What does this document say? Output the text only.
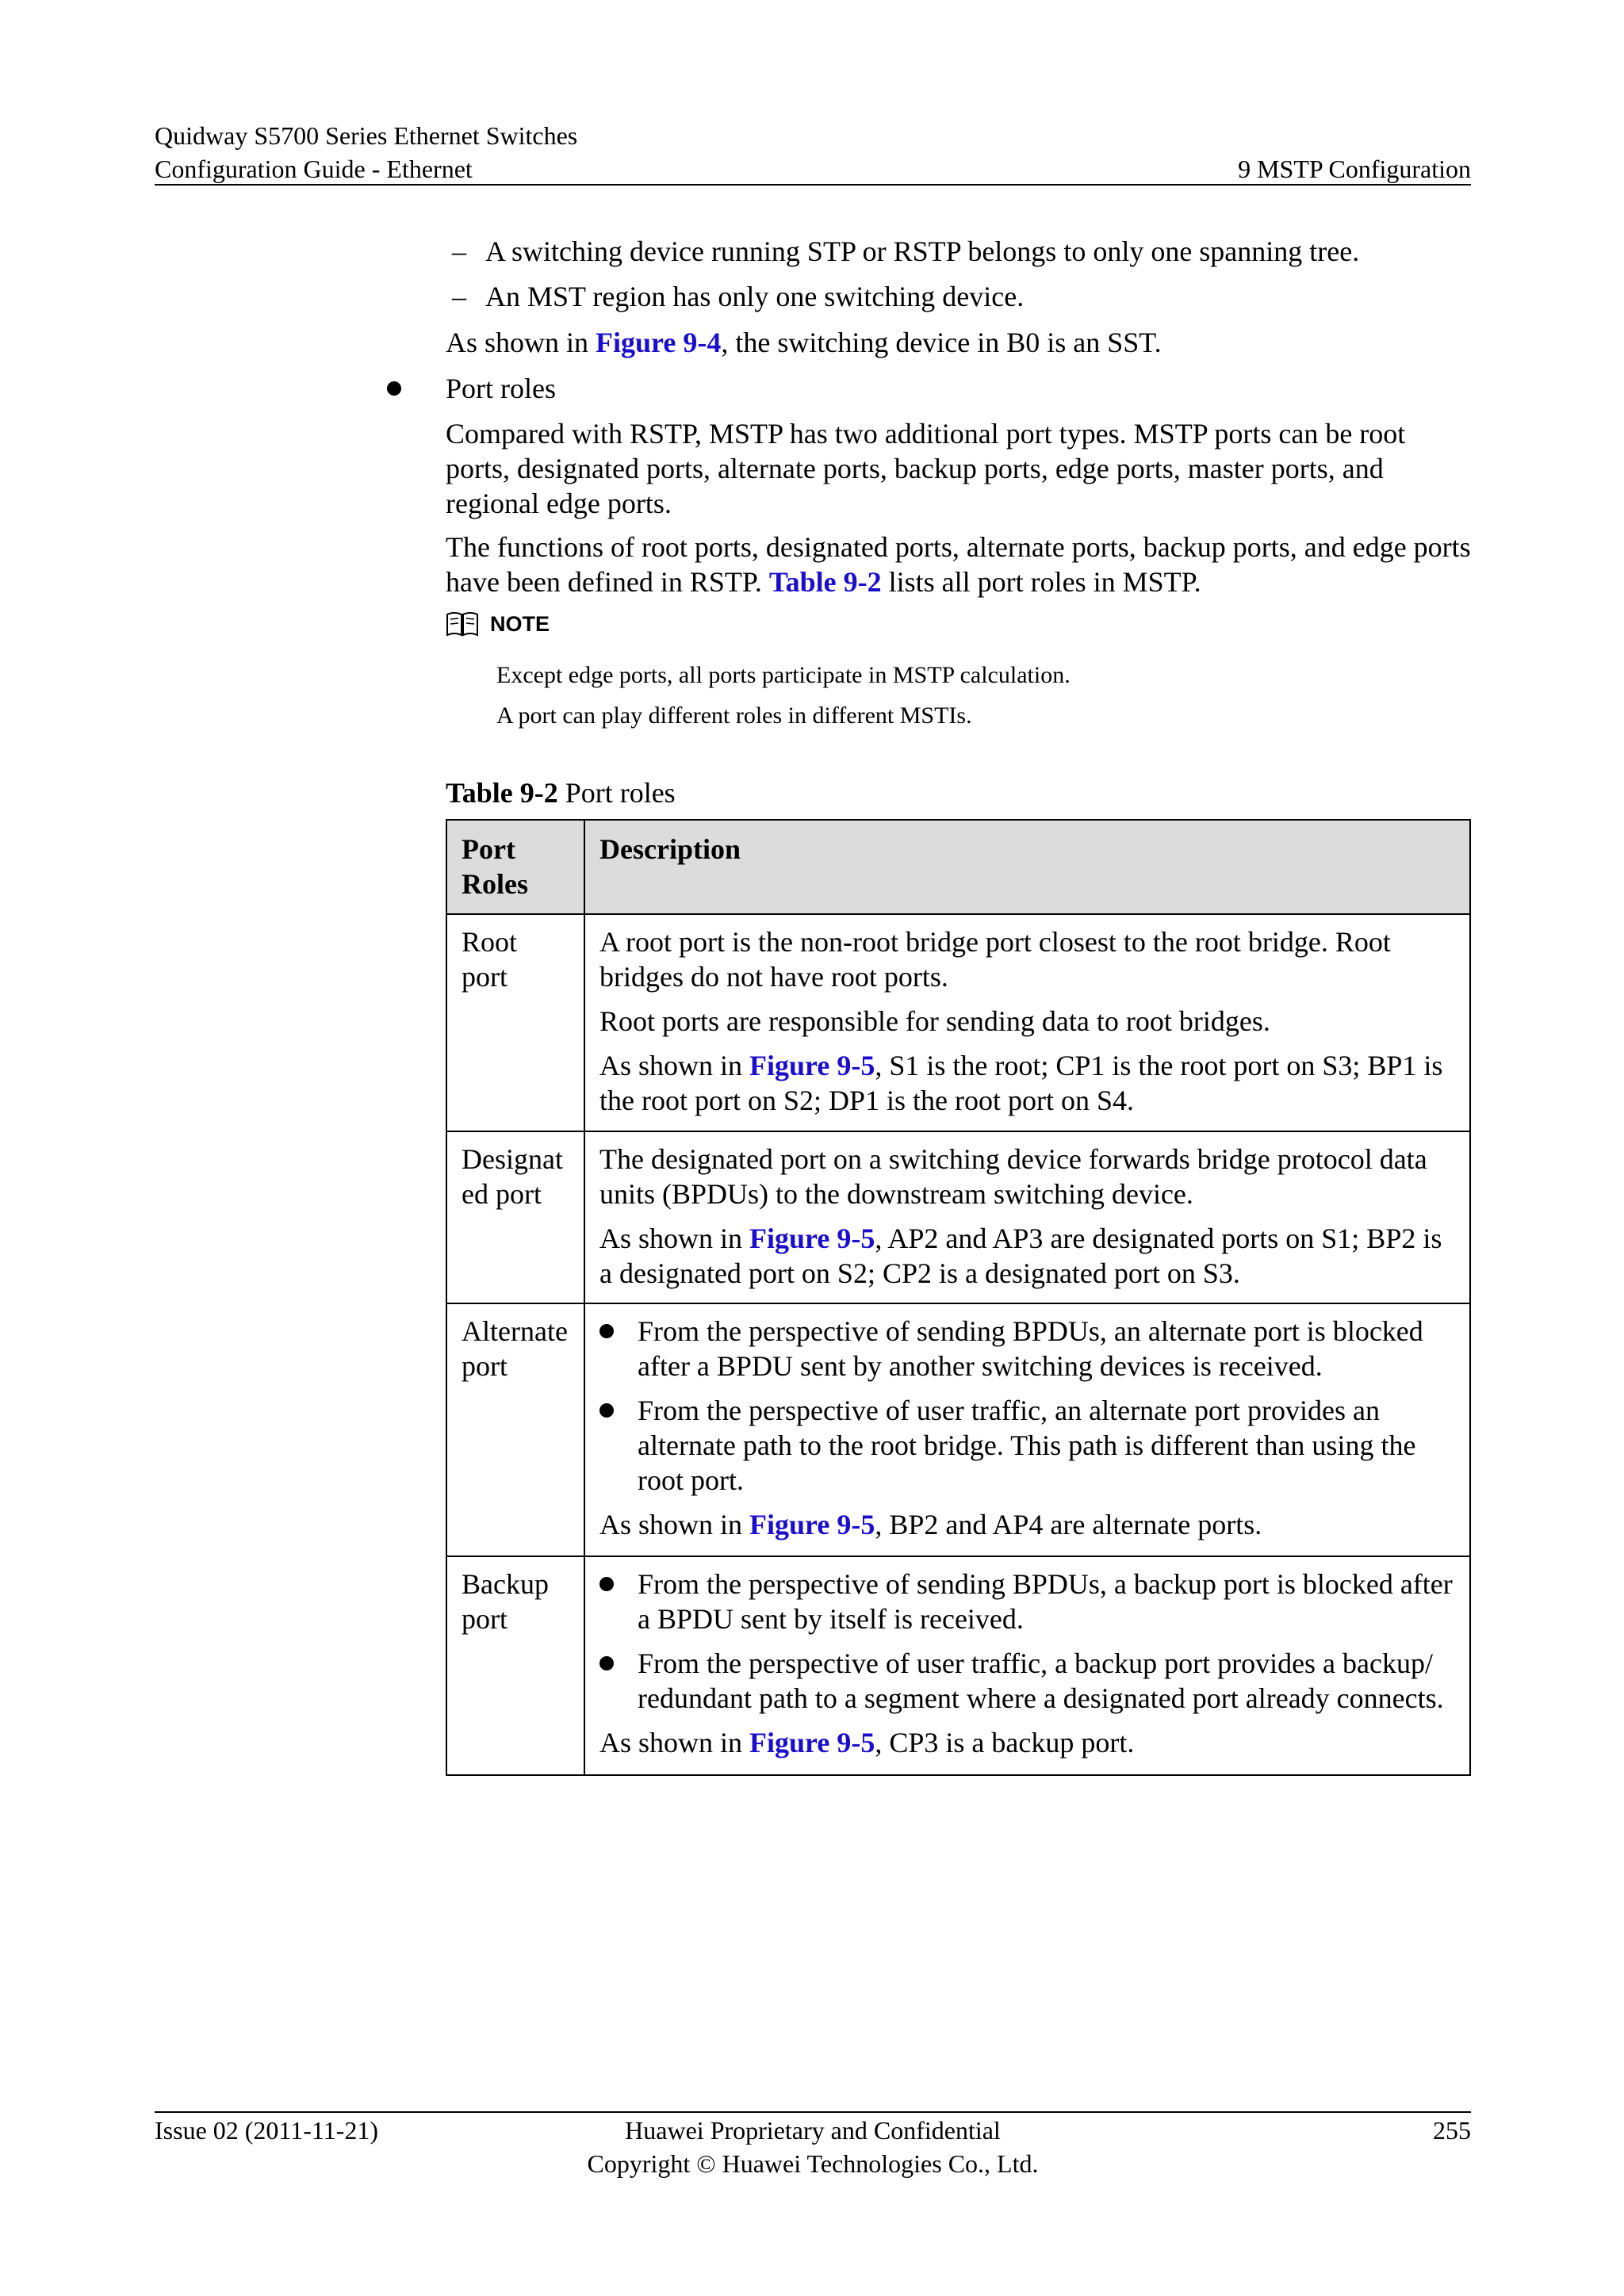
Quidway S5700 Series Ethernet Switches
Configuration Guide - Ethernet	9 MSTP Configuration
– A switching device running STP or RSTP belongs to only one spanning tree.
– An MST region has only one switching device.

As shown in Figure 9-4, the switching device in B0 is an SST.

Port roles

Compared with RSTP, MSTP has two additional port types. MSTP ports can be root ports, designated ports, alternate ports, backup ports, edge ports, master ports, and regional edge ports.

The functions of root ports, designated ports, alternate ports, backup ports, and edge ports have been defined in RSTP. Table 9-2 lists all port roles in MSTP.

NOTE
Except edge ports, all ports participate in MSTP calculation.
A port can play different roles in different MSTIs.
Table 9-2 Port roles
Port Roles	Description
Root port	A root port is the non-root bridge port closest to the root bridge. Root bridges do not have root ports.

Root ports are responsible for sending data to root bridges.

As shown in Figure 9-5, S1 is the root; CP1 is the root port on S3; BP1 is the root port on S2; DP1 is the root port on S4.

Designat ed port	The designated port on a switching device forwards bridge protocol data units (BPDUs) to the downstream switching device.

As shown in Figure 9-5, AP2 and AP3 are designated ports on S1; BP2 is a designated port on S2; CP2 is a designated port on S3.

Alternate port	From the perspective of sending BPDUs, an alternate port is blocked after a BPDU sent by another switching devices is received.
From the perspective of user traffic, an alternate port provides an alternate path to the root bridge. This path is different than using the root port.

As shown in Figure 9-5, BP2 and AP4 are alternate ports.

Backup port	From the perspective of sending BPDUs, a backup port is blocked after a BPDU sent by itself is received.
From the perspective of user traffic, a backup port provides a backup/ redundant path to a segment where a designated port already connects.

As shown in Figure 9-5, CP3 is a backup port.

Issue 02 (2011-11-21)	Huawei Proprietary and Confidential
Copyright © Huawei Technologies Co., Ltd.
255
